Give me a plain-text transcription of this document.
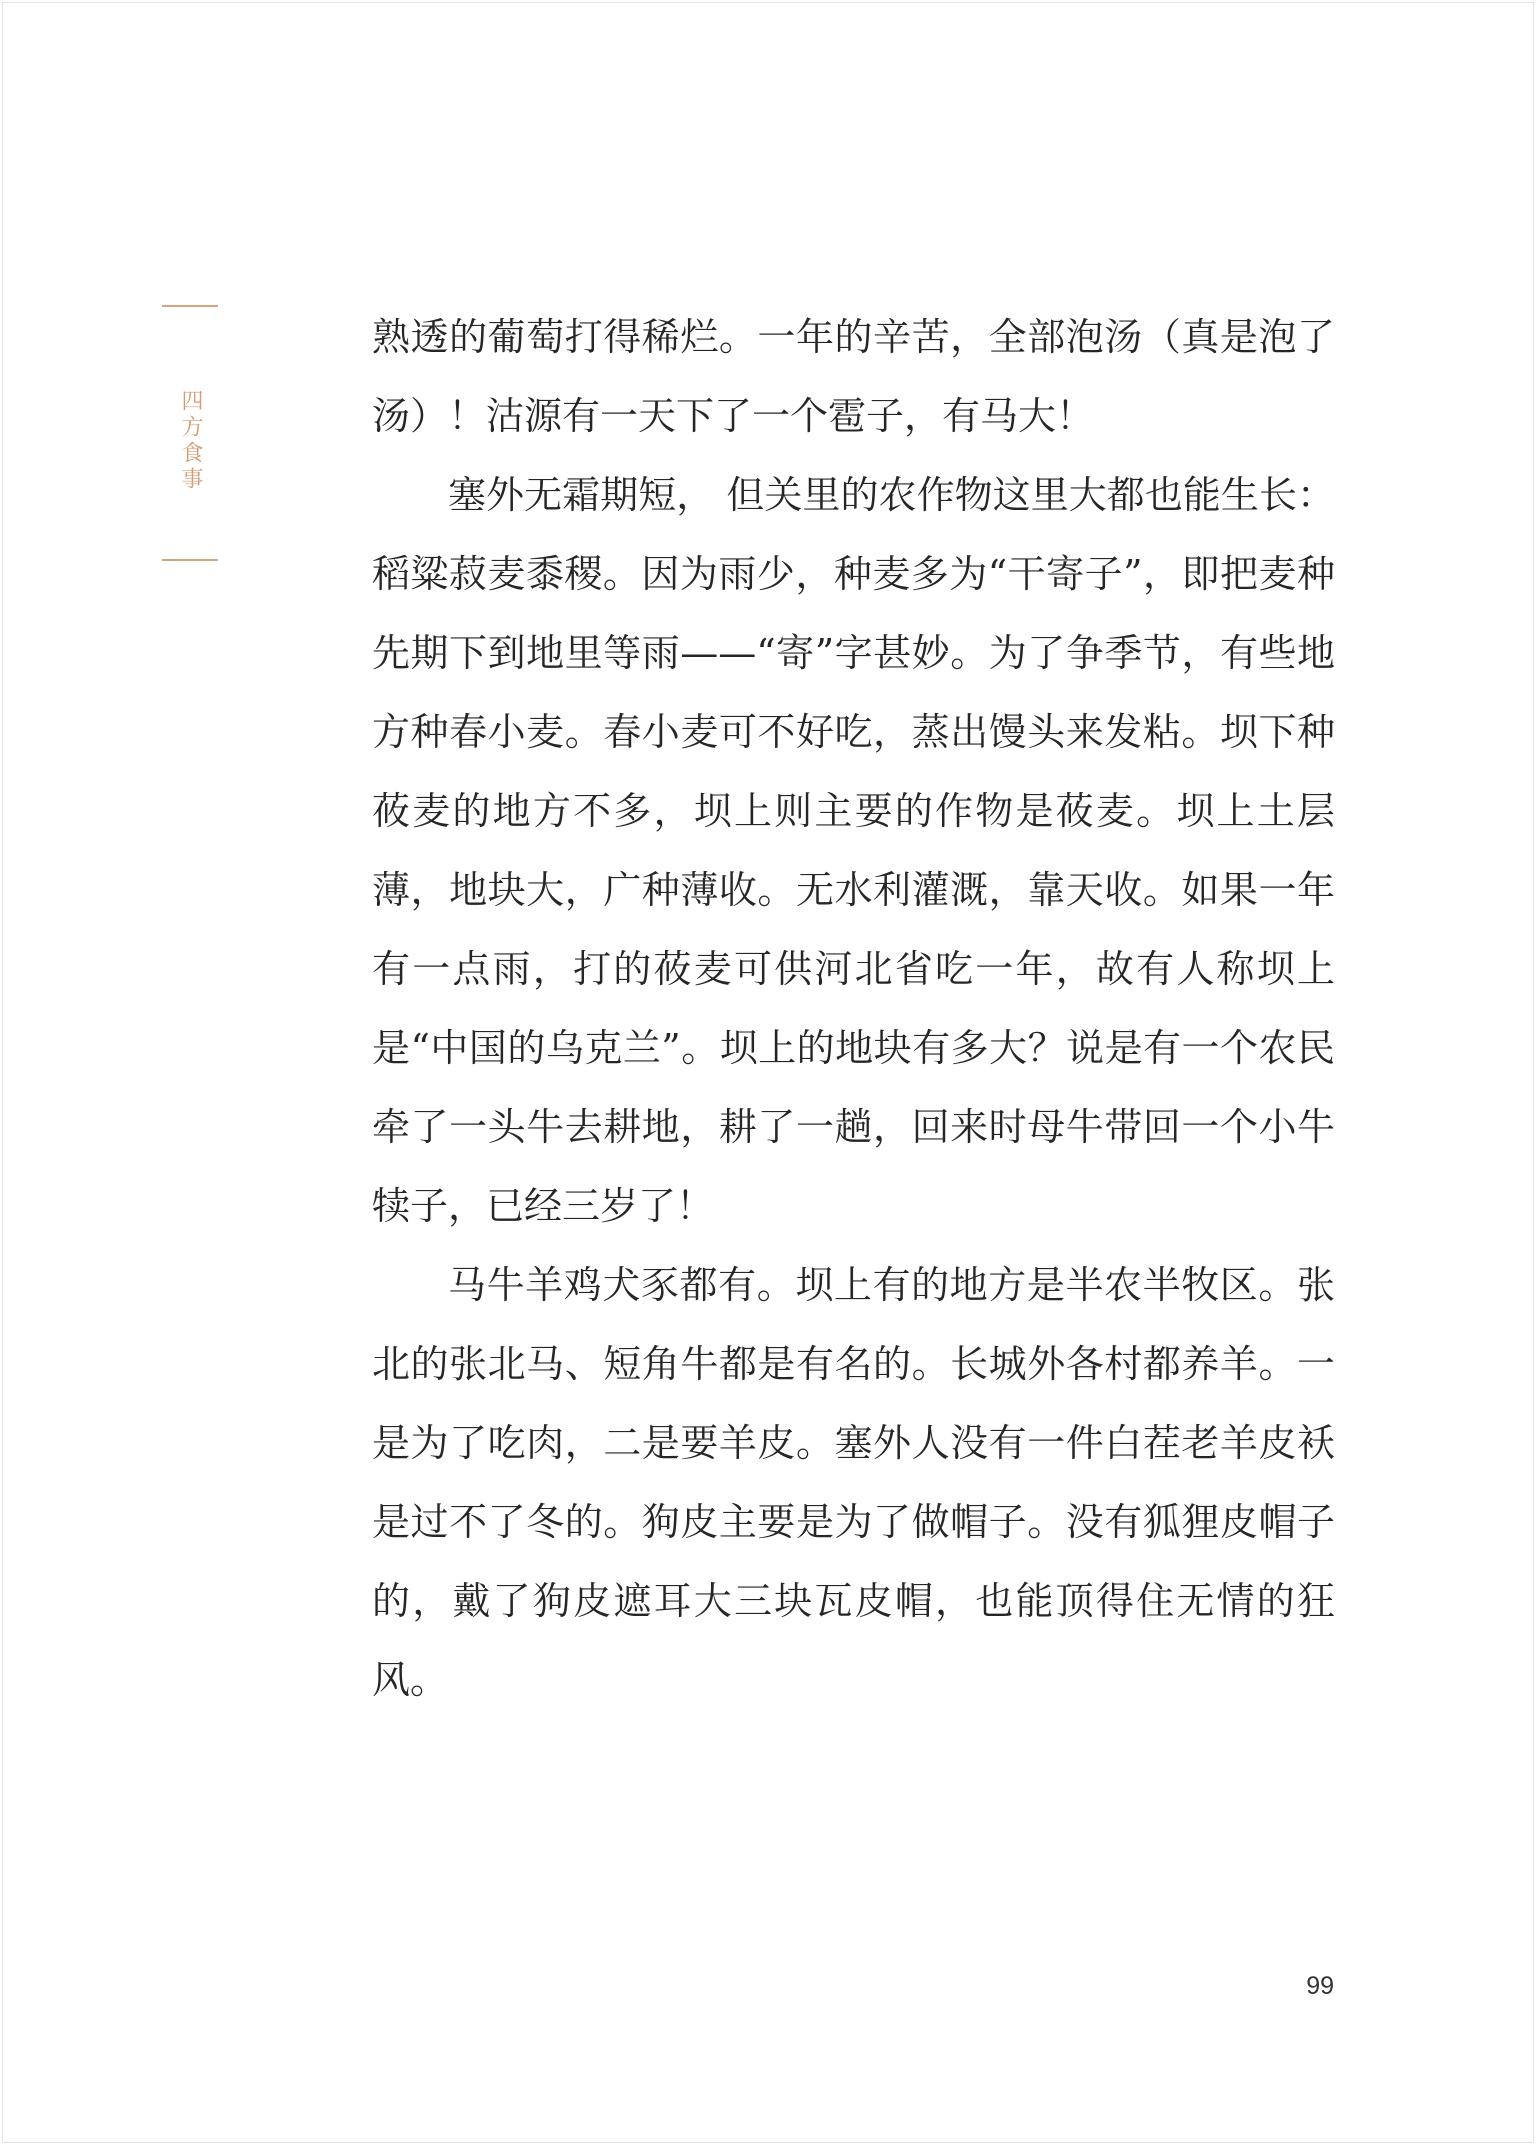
四方食事

熟透的葡萄打得稀烂。一年的辛苦，全部泡汤（真是泡了汤）！沽源有一天下了一个雹子，有马大！

塞外无霜期短， 但关里的农作物这里大都也能生长：稻粱菽麦黍稷。因为雨少，种麦多为“干寄子”，即把麦种先期下到地里等雨——“寄”字甚妙。为了争季节，有些地方种春小麦。春小麦可不好吃，蒸出馒头来发粘。坝下种莜麦的地方不多，坝上则主要的作物是莜麦。坝上土层薄，地块大，广种薄收。无水利灌溉，靠天收。如果一年有一点雨，打的莜麦可供河北省吃一年，故有人称坝上是“中国的乌克兰”。坝上的地块有多大？说是有一个农民牵了一头牛去耕地，耕了一趟，回来时母牛带回一个小牛犊子，已经三岁了！

马牛羊鸡犬豕都有。坝上有的地方是半农半牧区。张北的张北马、短角牛都是有名的。长城外各村都养羊。一是为了吃肉，二是要羊皮。塞外人没有一件白茬老羊皮袄是过不了冬的。狗皮主要是为了做帽子。没有狐狸皮帽子的，戴了狗皮遮耳大三块瓦皮帽，也能顶得住无情的狂风。

99
